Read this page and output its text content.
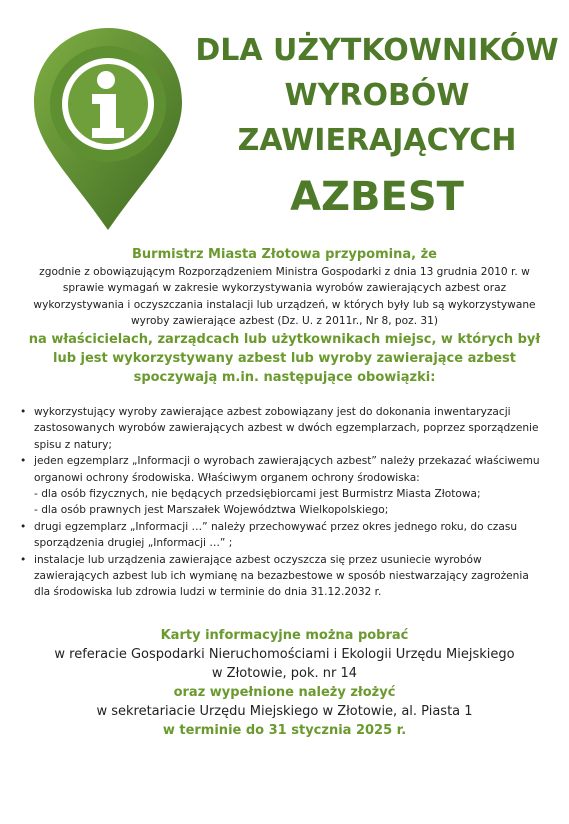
DLA UŻYTKOWNIKÓW
WYROBÓW
ZAWIERAJĄCYCH
AZBEST
Burmistrz Miasta Złotowa przypomina, że
zgodnie z obowiązującym Rozporządzeniem Ministra Gospodarki z dnia 13 grudnia 2010 r. w sprawie wymagań w zakresie wykorzystywania wyrobów zawierających azbest oraz wykorzystywania i oczyszczania instalacji lub urządzeń, w których były lub są wykorzystywane wyroby zawierające azbest (Dz. U. z 2011r., Nr 8, poz. 31)
na właścicielach, zarządcach lub użytkownikach miejsc, w których był lub jest wykorzystywany azbest lub wyroby zawierające azbest spoczywają m.in. następujące obowiązki:
• wykorzystujący wyroby zawierające azbest zobowiązany jest do dokonania inwentaryzacji zastosowanych wyrobów zawierających azbest w dwóch egzemplarzach, poprzez sporządzenie spisu z natury;
• jeden egzemplarz „Informacji o wyrobach zawierających azbest” należy przekazać właściwemu organowi ochrony środowiska. Właściwym organem ochrony środowiska:
- dla osób fizycznych, nie będących przedsiębiorcami jest Burmistrz Miasta Złotowa;
- dla osób prawnych jest Marszałek Województwa Wielkopolskiego;
• drugi egzemplarz „Informacji …” należy przechowywać przez okres jednego roku, do czasu sporządzenia drugiej „Informacji …” ;
• instalacje lub urządzenia zawierające azbest oczyszcza się przez usuniecie wyrobów zawierających azbest lub ich wymianę na bezazbestowe w sposób niestwarzający zagrożenia dla środowiska lub zdrowia ludzi w terminie do dnia 31.12.2032 r.
Karty informacyjne można pobrać
w referacie Gospodarki Nieruchomościami i Ekologii Urzędu Miejskiego
w Złotowie, pok. nr 14
oraz wypełnione należy złożyć
w sekretariacie Urzędu Miejskiego w Złotowie, al. Piasta 1
w terminie do 31 stycznia 2025 r.
